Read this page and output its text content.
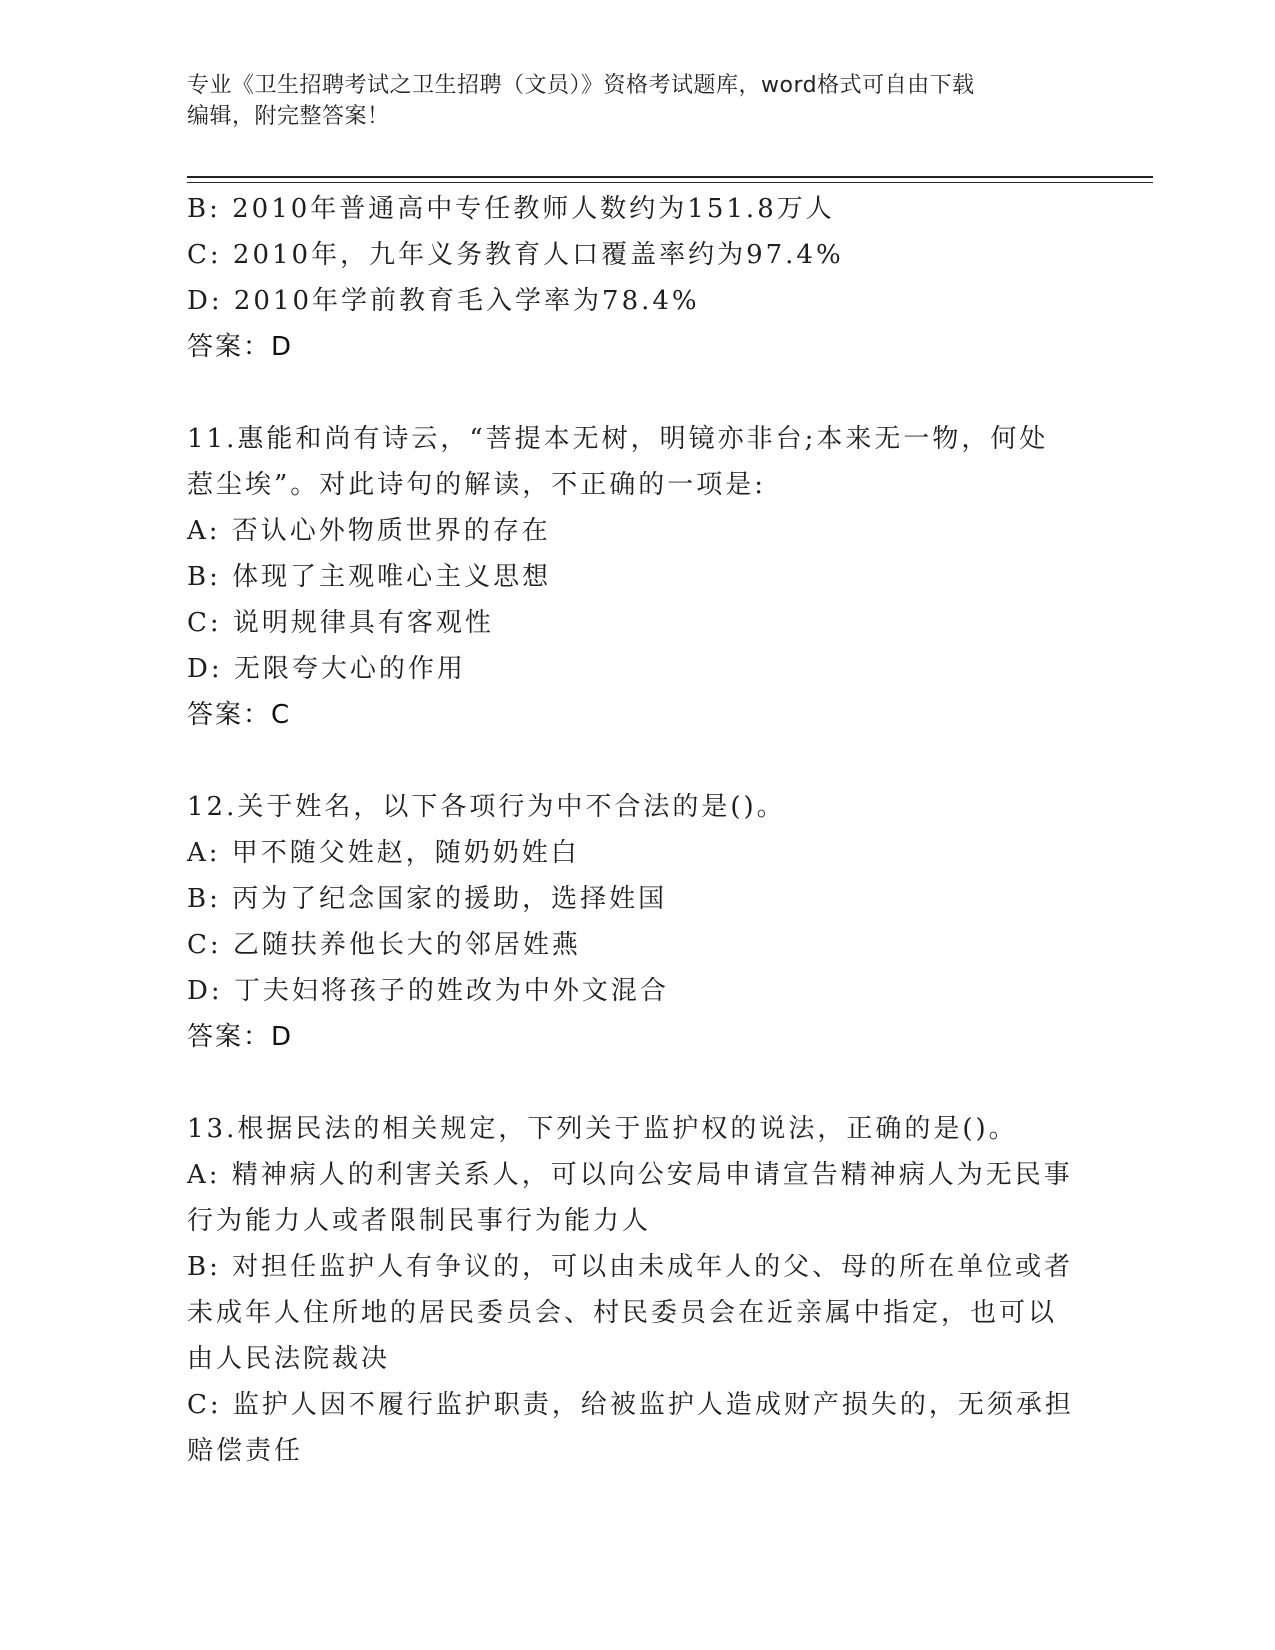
专业《卫生招聘考试之卫生招聘（文员）》资格考试题库，word格式可自由下载
编辑，附完整答案！
B: 2010年普通高中专任教师人数约为151.8万人
C: 2010年，九年义务教育人口覆盖率约为97.4%
D: 2010年学前教育毛入学率为78.4%
答案：D
11.惠能和尚有诗云，“菩提本无树，明镜亦非台;本来无一物，何处
惹尘埃”。对此诗句的解读，不正确的一项是:
A: 否认心外物质世界的存在
B: 体现了主观唯心主义思想
C: 说明规律具有客观性
D: 无限夸大心的作用
答案：C
12.关于姓名，以下各项行为中不合法的是()。
A: 甲不随父姓赵，随奶奶姓白
B: 丙为了纪念国家的援助，选择姓国
C: 乙随扶养他长大的邻居姓燕
D: 丁夫妇将孩子的姓改为中外文混合
答案：D
13.根据民法的相关规定，下列关于监护权的说法，正确的是()。
A: 精神病人的利害关系人，可以向公安局申请宣告精神病人为无民事
行为能力人或者限制民事行为能力人
B: 对担任监护人有争议的，可以由未成年人的父、母的所在单位或者
未成年人住所地的居民委员会、村民委员会在近亲属中指定，也可以
由人民法院裁决
C: 监护人因不履行监护职责，给被监护人造成财产损失的，无须承担
赔偿责任
